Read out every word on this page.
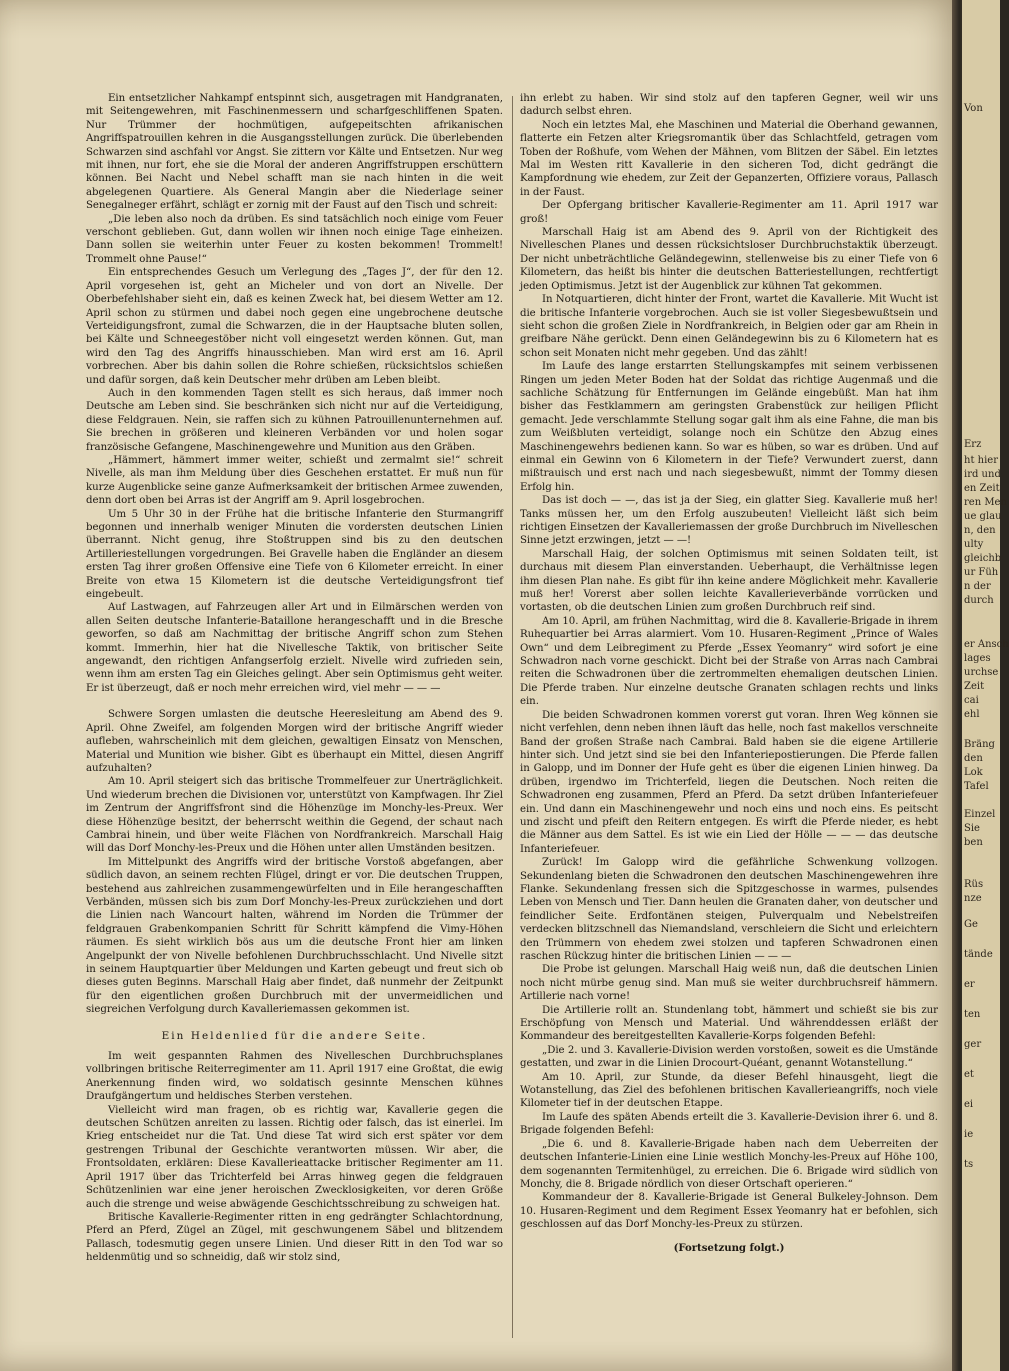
Ein entsetzlicher Nahkampf entspinnt sich, ausgetragen mit Handgranaten, mit Seitengewehren, mit Faschinenmessern und scharfgeschliffenen Spaten. Nur Trümmer der hochmütigen, aufgepeitschten afrikanischen Angriffspatrouillen kehren in die Ausgangsstellungen zurück. Die überlebenden Schwarzen sind aschfahl vor Angst. Sie zittern vor Kälte und Entsetzen. Nur weg mit ihnen, nur fort, ehe sie die Moral der anderen Angriffstruppen erschüttern können. Bei Nacht und Nebel schafft man sie nach hinten in die weit abgelegenen Quartiere. Als General Mangin aber die Niederlage seiner Senegalneger erfährt, schlägt er zornig mit der Faust auf den Tisch und schreit:

„Die leben also noch da drüben. Es sind tatsächlich noch einige vom Feuer verschont geblieben. Gut, dann wollen wir ihnen noch einige Tage einheizen. Dann sollen sie weiterhin unter Feuer zu kosten bekommen! Trommelt! Trommelt ohne Pause!“

Ein entsprechendes Gesuch um Verlegung des „Tages J“, der für den 12. April vorgesehen ist, geht an Micheler und von dort an Nivelle. Der Oberbefehlshaber sieht ein, daß es keinen Zweck hat, bei diesem Wetter am 12. April schon zu stürmen und dabei noch gegen eine ungebrochene deutsche Verteidigungsfront, zumal die Schwarzen, die in der Hauptsache bluten sollen, bei Kälte und Schneegestöber nicht voll eingesetzt werden können. Gut, man wird den Tag des Angriffs hinausschieben. Man wird erst am 16. April vorbrechen. Aber bis dahin sollen die Rohre schießen, rücksichtslos schießen und dafür sorgen, daß kein Deutscher mehr drüben am Leben bleibt.

Auch in den kommenden Tagen stellt es sich heraus, daß immer noch Deutsche am Leben sind. Sie beschränken sich nicht nur auf die Verteidigung, diese Feldgrauen. Nein, sie raffen sich zu kühnen Patrouillenunternehmen auf. Sie brechen in größeren und kleineren Verbänden vor und holen sogar französische Gefangene, Maschinengewehre und Munition aus den Gräben.

„Hämmert, hämmert immer weiter, schießt und zermalmt sie!“ schreit Nivelle, als man ihm Meldung über dies Geschehen erstattet. Er muß nun für kurze Augenblicke seine ganze Aufmerksamkeit der britischen Armee zuwenden, denn dort oben bei Arras ist der Angriff am 9. April losgebrochen.

Um 5 Uhr 30 in der Frühe hat die britische Infanterie den Sturmangriff begonnen und innerhalb weniger Minuten die vordersten deutschen Linien überrannt. Nicht genug, ihre Stoßtruppen sind bis zu den deutschen Artilleriestellungen vorgedrungen. Bei Gravelle haben die Engländer an diesem ersten Tag ihrer großen Offensive eine Tiefe von 6 Kilometer erreicht. In einer Breite von etwa 15 Kilometern ist die deutsche Verteidigungsfront tief eingebeult.

Auf Lastwagen, auf Fahrzeugen aller Art und in Eilmärschen werden von allen Seiten deutsche Infanterie-Bataillone herangeschafft und in die Bresche geworfen, so daß am Nachmittag der britische Angriff schon zum Stehen kommt. Immerhin, hier hat die Nivellesche Taktik, von britischer Seite angewandt, den richtigen Anfangserfolg erzielt. Nivelle wird zufrieden sein, wenn ihm am ersten Tag ein Gleiches gelingt. Aber sein Optimismus geht weiter. Er ist überzeugt, daß er noch mehr erreichen wird, viel mehr — — —

Schwere Sorgen umlasten die deutsche Heeresleitung am Abend des 9. April. Ohne Zweifel, am folgenden Morgen wird der britische Angriff wieder aufleben, wahrscheinlich mit dem gleichen, gewaltigen Einsatz von Menschen, Material und Munition wie bisher. Gibt es überhaupt ein Mittel, diesen Angriff aufzuhalten?

Am 10. April steigert sich das britische Trommelfeuer zur Unerträglichkeit. Und wiederum brechen die Divisionen vor, unterstützt von Kampfwagen. Ihr Ziel im Zentrum der Angriffsfront sind die Höhenzüge im Monchy-les-Preux. Wer diese Höhenzüge besitzt, der beherrscht weithin die Gegend, der schaut nach Cambrai hinein, und über weite Flächen von Nordfrankreich. Marschall Haig will das Dorf Monchy-les-Preux und die Höhen unter allen Umständen besitzen.

Im Mittelpunkt des Angriffs wird der britische Vorstoß abgefangen, aber südlich davon, an seinem rechten Flügel, dringt er vor. Die deutschen Truppen, bestehend aus zahlreichen zusammengewürfelten und in Eile herangeschafften Verbänden, müssen sich bis zum Dorf Monchy-les-Preux zurückziehen und dort die Linien nach Wancourt halten, während im Norden die Trümmer der feldgrauen Grabenkompanien Schritt für Schritt kämpfend die Vimy-Höhen räumen. Es sieht wirklich bös aus um die deutsche Front hier am linken Angelpunkt der von Nivelle befohlenen Durchbruchsschlacht. Und Nivelle sitzt in seinem Hauptquartier über Meldungen und Karten gebeugt und freut sich ob dieses guten Beginns. Marschall Haig aber findet, daß nunmehr der Zeitpunkt für den eigentlichen großen Durchbruch mit der unvermeidlichen und siegreichen Verfolgung durch Kavalleriemassen gekommen ist.

Ein Heldenlied für die andere Seite.

Im weit gespannten Rahmen des Nivelleschen Durchbruchsplanes vollbringen britische Reiterregimenter am 11. April 1917 eine Großtat, die ewig Anerkennung finden wird, wo soldatisch gesinnte Menschen kühnes Draufgängertum und heldisches Sterben verstehen.

Vielleicht wird man fragen, ob es richtig war, Kavallerie gegen die deutschen Schützen anreiten zu lassen. Richtig oder falsch, das ist einerlei. Im Krieg entscheidet nur die Tat. Und diese Tat wird sich erst später vor dem gestrengen Tribunal der Geschichte verantworten müssen. Wir aber, die Frontsoldaten, erklären: Diese Kavallerieattacke britischer Regimenter am 11. April 1917 über das Trichterfeld bei Arras hinweg gegen die feldgrauen Schützenlinien war eine jener heroischen Zwecklosigkeiten, vor deren Größe auch die strenge und weise abwägende Geschichtsschreibung zu schweigen hat.

Britische Kavallerie-Regimenter ritten in eng gedrängter Schlachtordnung, Pferd an Pferd, Zügel an Zügel, mit geschwungenem Säbel und blitzendem Pallasch, todesmutig gegen unsere Linien. Und dieser Ritt in den Tod war so heldenmütig und so schneidig, daß wir stolz sind,

ihn erlebt zu haben. Wir sind stolz auf den tapferen Gegner, weil wir uns dadurch selbst ehren.

Noch ein letztes Mal, ehe Maschinen und Material die Oberhand gewannen, flatterte ein Fetzen alter Kriegsromantik über das Schlachtfeld, getragen vom Toben der Roßhufe, vom Wehen der Mähnen, vom Blitzen der Säbel. Ein letztes Mal im Westen ritt Kavallerie in den sicheren Tod, dicht gedrängt die Kampfordnung wie ehedem, zur Zeit der Gepanzerten, Offiziere voraus, Pallasch in der Faust.

Der Opfergang britischer Kavallerie-Regimenter am 11. April 1917 war groß!

Marschall Haig ist am Abend des 9. April von der Richtigkeit des Nivelleschen Planes und dessen rücksichtsloser Durchbruchstaktik überzeugt. Der nicht unbeträchtliche Geländegewinn, stellenweise bis zu einer Tiefe von 6 Kilometern, das heißt bis hinter die deutschen Batteriestellungen, rechtfertigt jeden Optimismus. Jetzt ist der Augenblick zur kühnen Tat gekommen.

In Notquartieren, dicht hinter der Front, wartet die Kavallerie. Mit Wucht ist die britische Infanterie vorgebrochen. Auch sie ist voller Siegesbewußtsein und sieht schon die großen Ziele in Nordfrankreich, in Belgien oder gar am Rhein in greifbare Nähe gerückt. Denn einen Geländegewinn bis zu 6 Kilometern hat es schon seit Monaten nicht mehr gegeben. Und das zählt!

Im Laufe des lange erstarrten Stellungskampfes mit seinem verbissenen Ringen um jeden Meter Boden hat der Soldat das richtige Augenmaß und die sachliche Schätzung für Entfernungen im Gelände eingebüßt. Man hat ihm bisher das Festklammern am geringsten Grabenstück zur heiligen Pflicht gemacht. Jede verschlammte Stellung sogar galt ihm als eine Fahne, die man bis zum Weißbluten verteidigt, solange noch ein Schütze den Abzug eines Maschinengewehrs bedienen kann. So war es hüben, so war es drüben. Und auf einmal ein Gewinn von 6 Kilometern in der Tiefe? Verwundert zuerst, dann mißtrauisch und erst nach und nach siegesbewußt, nimmt der Tommy diesen Erfolg hin.

Das ist doch — —, das ist ja der Sieg, ein glatter Sieg. Kavallerie muß her! Tanks müssen her, um den Erfolg auszubeuten! Vielleicht läßt sich beim richtigen Einsetzen der Kavalleriemassen der große Durchbruch im Nivelleschen Sinne jetzt erzwingen, jetzt — —!

Marschall Haig, der solchen Optimismus mit seinen Soldaten teilt, ist durchaus mit diesem Plan einverstanden. Ueberhaupt, die Verhältnisse legen ihm diesen Plan nahe. Es gibt für ihn keine andere Möglichkeit mehr. Kavallerie muß her! Vorerst aber sollen leichte Kavallerieverbände vorrücken und vortasten, ob die deutschen Linien zum großen Durchbruch reif sind.

Am 10. April, am frühen Nachmittag, wird die 8. Kavallerie-Brigade in ihrem Ruhequartier bei Arras alarmiert. Vom 10. Husaren-Regiment „Prince of Wales Own“ und dem Leibregiment zu Pferde „Essex Yeomanry“ wird sofort je eine Schwadron nach vorne geschickt. Dicht bei der Straße von Arras nach Cambrai reiten die Schwadronen über die zertrommelten ehemaligen deutschen Linien. Die Pferde traben. Nur einzelne deutsche Granaten schlagen rechts und links ein.

Die beiden Schwadronen kommen vorerst gut voran. Ihren Weg können sie nicht verfehlen, denn neben ihnen läuft das helle, noch fast makellos verschneite Band der großen Straße nach Cambrai. Bald haben sie die eigene Artillerie hinter sich. Und jetzt sind sie bei den Infanteriepostierungen. Die Pferde fallen in Galopp, und im Donner der Hufe geht es über die eigenen Linien hinweg. Da drüben, irgendwo im Trichterfeld, liegen die Deutschen. Noch reiten die Schwadronen eng zusammen, Pferd an Pferd. Da setzt drüben Infanteriefeuer ein. Und dann ein Maschinengewehr und noch eins und noch eins. Es peitscht und zischt und pfeift den Reitern entgegen. Es wirft die Pferde nieder, es hebt die Männer aus dem Sattel. Es ist wie ein Lied der Hölle — — — das deutsche Infanteriefeuer.

Zurück! Im Galopp wird die gefährliche Schwenkung vollzogen. Sekundenlang bieten die Schwadronen den deutschen Maschinengewehren ihre Flanke. Sekundenlang fressen sich die Spitzgeschosse in warmes, pulsendes Leben von Mensch und Tier. Dann heulen die Granaten daher, von deutscher und feindlicher Seite. Erdfontänen steigen, Pulverqualm und Nebelstreifen verdecken blitzschnell das Niemandsland, verschleiern die Sicht und erleichtern den Trümmern von ehedem zwei stolzen und tapferen Schwadronen einen raschen Rückzug hinter die britischen Linien — — —

Die Probe ist gelungen. Marschall Haig weiß nun, daß die deutschen Linien noch nicht mürbe genug sind. Man muß sie weiter durchbruchsreif hämmern. Artillerie nach vorne!

Die Artillerie rollt an. Stundenlang tobt, hämmert und schießt sie bis zur Erschöpfung von Mensch und Material. Und währenddessen erläßt der Kommandeur des bereitgestellten Kavallerie-Korps folgenden Befehl:

„Die 2. und 3. Kavallerie-Division werden vorstoßen, soweit es die Umstände gestatten, und zwar in die Linien Drocourt-Quéant, genannt Wotanstellung.“

Am 10. April, zur Stunde, da dieser Befehl hinausgeht, liegt die Wotanstellung, das Ziel des befohlenen britischen Kavallerieangriffs, noch viele Kilometer tief in der deutschen Etappe.

Im Laufe des späten Abends erteilt die 3. Kavallerie-Devision ihrer 6. und 8. Brigade folgenden Befehl:

„Die 6. und 8. Kavallerie-Brigade haben nach dem Ueberreiten der deutschen Infanterie-Linien eine Linie westlich Monchy-les-Preux auf Höhe 100, dem sogenannten Termitenhügel, zu erreichen. Die 6. Brigade wird südlich von Monchy, die 8. Brigade nördlich von dieser Ortschaft operieren.“

Kommandeur der 8. Kavallerie-Brigade ist General Bulkeley-Johnson. Dem 10. Husaren-Regiment und dem Regiment Essex Yeomanry hat er befohlen, sich geschlossen auf das Dorf Monchy-les-Preux zu stürzen.

(Fortsetzung folgt.)

Von
Erz
ht hier
ird und
en Zeit
ren Men
ue glau
n, den
ulty
gleichb
ur Füh
n der
durch
er Ansch
lages
urchse
Zeit
cai
ehl
Bräng
den
Lok
Tafel
Einzel
Sie
ben
Rüs
nze
Ge
tände
er
ten
ger
et
ei
ie
ts
